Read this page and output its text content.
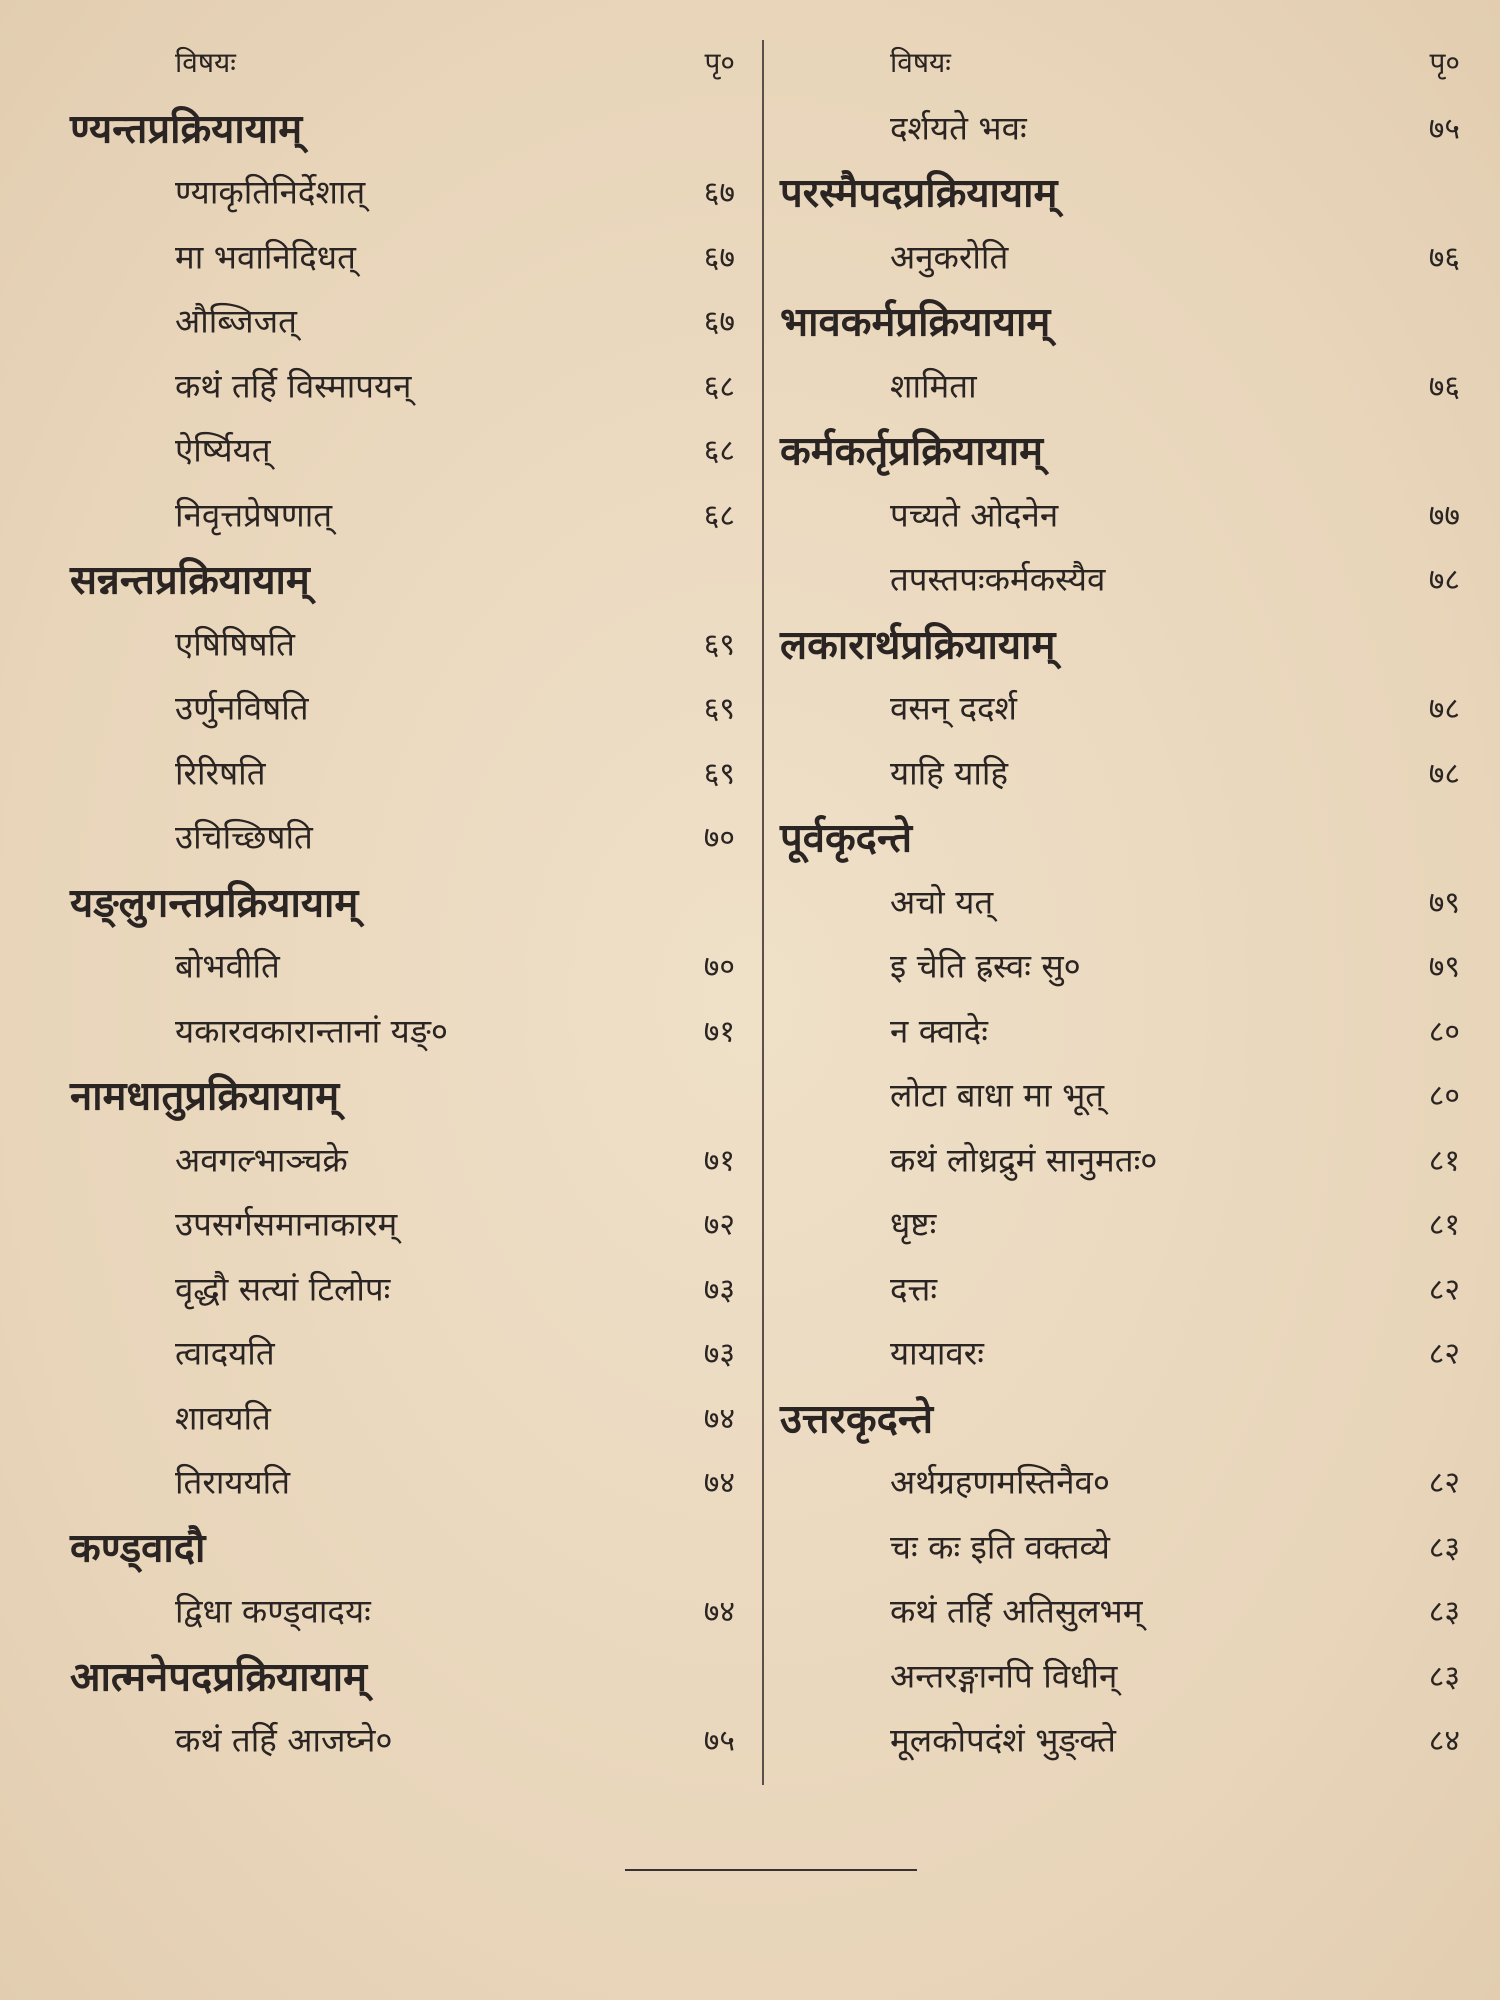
विषयः	पृ०
ण्यन्तप्रक्रियायाम्
ण्याकृतिनिर्देशात्	६७
मा भवानिदिधत्	६७
औब्जिजत्	६७
कथं तर्हि विस्मापयन्	६८
ऐर्ष्यियत्	६८
निवृत्तप्रेषणात्	६८
सन्नन्तप्रक्रियायाम्
एषिषिषति	६९
उर्णुनविषति	६९
रिरिषति	६९
उचिच्छिषति	७०
यङ्लुगन्तप्रक्रियायाम्
बोभवीति	७०
यकारवकारान्तानां यङ्०	७१
नामधातुप्रक्रियायाम्
अवगल्भाञ्चक्रे	७१
उपसर्गसमानाकारम्	७२
वृद्धौ सत्यां टिलोपः	७३
त्वादयति	७३
शावयति	७४
तिराययति	७४
कण्ड्वादौ
द्विधा कण्ड्वादयः	७४
आत्मनेपदप्रक्रियायाम्
कथं तर्हि आजघ्ने०	७५
विषयः	पृ०
दर्शयते भवः	७५
परस्मैपदप्रक्रियायाम्
अनुकरोति	७६
भावकर्मप्रक्रियायाम्
शामिता	७६
कर्मकर्तृप्रक्रियायाम्
पच्यते ओदनेन	७७
तपस्तपःकर्मकस्यैव	७८
लकारार्थप्रक्रियायाम्
वसन् ददर्श	७८
याहि याहि	७८
पूर्वकृदन्ते
अचो यत्	७९
इ चेति ह्रस्वः सु०	७९
न क्वादेः	८०
लोटा बाधा मा भूत्	८०
कथं लोध्रद्रुमं सानुमतः०	८१
धृष्टः	८१
दत्तः	८२
यायावरः	८२
उत्तरकृदन्ते
अर्थग्रहणमस्तिनैव०	८२
चः कः इति वक्तव्ये	८३
कथं तर्हि अतिसुलभम्	८३
अन्तरङ्गानपि विधीन्	८३
मूलकोपदंशं भुङ्क्ते	८४
